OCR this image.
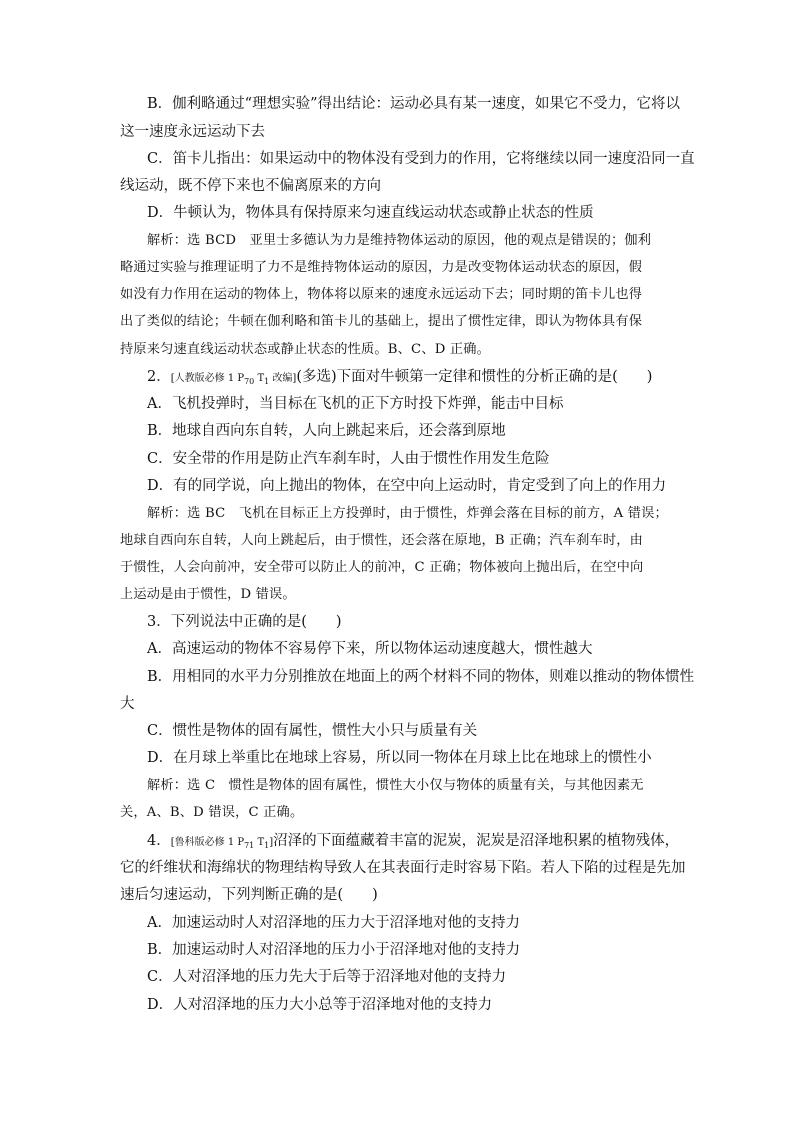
B．伽利略通过“理想实验”得出结论：运动必具有某一速度，如果它不受力，它将以
这一速度永远运动下去
C．笛卡儿指出：如果运动中的物体没有受到力的作用，它将继续以同一速度沿同一直
线运动，既不停下来也不偏离原来的方向
D．牛顿认为，物体具有保持原来匀速直线运动状态或静止状态的性质
解析：选 BCD　亚里士多德认为力是维持物体运动的原因，他的观点是错误的；伽利
略通过实验与推理证明了力不是维持物体运动的原因，力是改变物体运动状态的原因，假
如没有力作用在运动的物体上，物体将以原来的速度永远运动下去；同时期的笛卡儿也得
出了类似的结论；牛顿在伽利略和笛卡儿的基础上，提出了惯性定律，即认为物体具有保
持原来匀速直线运动状态或静止状态的性质。B、C、D 正确。
2．[人教版必修 1 $P_{70}$ $T_1$ 改编](多选)下面对牛顿第一定律和惯性的分析正确的是(　　)
A．飞机投弹时，当目标在飞机的正下方时投下炸弹，能击中目标
B．地球自西向东自转，人向上跳起来后，还会落到原地
C．安全带的作用是防止汽车刹车时，人由于惯性作用发生危险
D．有的同学说，向上抛出的物体，在空中向上运动时，肯定受到了向上的作用力
解析：选 BC　飞机在目标正上方投弹时，由于惯性，炸弹会落在目标的前方，A 错误；
地球自西向东自转，人向上跳起后，由于惯性，还会落在原地，B 正确；汽车刹车时，由
于惯性，人会向前冲，安全带可以防止人的前冲，C 正确；物体被向上抛出后，在空中向
上运动是由于惯性，D 错误。
3．下列说法中正确的是(　　)
A．高速运动的物体不容易停下来，所以物体运动速度越大，惯性越大
B．用相同的水平力分别推放在地面上的两个材料不同的物体，则难以推动的物体惯性
大
C．惯性是物体的固有属性，惯性大小只与质量有关
D．在月球上举重比在地球上容易，所以同一物体在月球上比在地球上的惯性小
解析：选 C　惯性是物体的固有属性，惯性大小仅与物体的质量有关，与其他因素无
关，A、B、D 错误，C 正确。
4．[鲁科版必修 1 $P_{71}$ $T_1$]沼泽的下面蕴藏着丰富的泥炭，泥炭是沼泽地积累的植物残体，
它的纤维状和海绵状的物理结构导致人在其表面行走时容易下陷。若人下陷的过程是先加
速后匀速运动，下列判断正确的是(　　)
A．加速运动时人对沼泽地的压力大于沼泽地对他的支持力
B．加速运动时人对沼泽地的压力小于沼泽地对他的支持力
C．人对沼泽地的压力先大于后等于沼泽地对他的支持力
D．人对沼泽地的压力大小总等于沼泽地对他的支持力
